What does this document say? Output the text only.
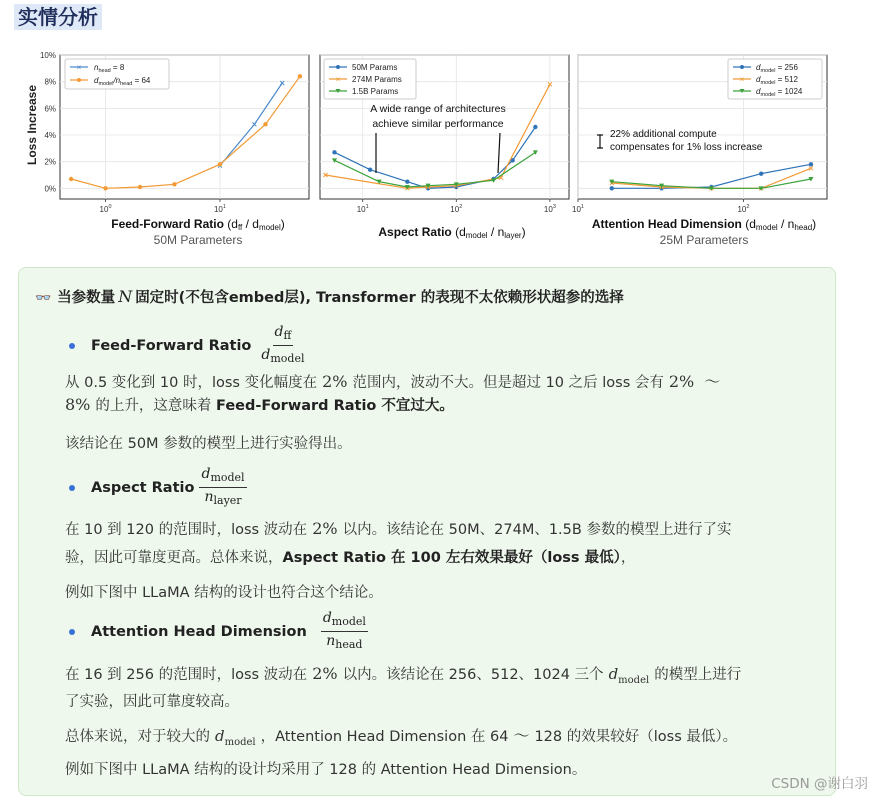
实情分析
Loss Increase
0%
2%
4%
6%
8%
10%
$10^0$	$10^1$	$10^1$	$10^2$	$10^3$ $10^1$	$10^2$
× $n_{head} = 8$
$d_{model}/n_{head} = 64$
50M Params
× 274M Params
1.5B Params
$d_{model} = 256$
× $d_{model} = 512$
$d_{model} = 1024$
A wide range of architectures
achieve similar performance
22% additional compute
compensates for 1% loss increase
Feed-Forward Ratio (dff / dmodel)
50M Parameters
Aspect Ratio (dmodel / nlayer)
Attention Head Dimension (dmodel / nhead)
25M Parameters
👓 当参数量 N 固定时(不包含embed层), Transformer 的表现不太依赖形状超参的选择
Feed-Forward Ratio $\frac{d_{ff}}{d_{model}}$
从 0.5 变化到 10 时，loss 变化幅度在 2% 范围内，波动不大。但是超过 10 之后 loss 会有 2% ～
8% 的上升，这意味着 Feed-Forward Ratio 不宜过大。
该结论在 50M 参数的模型上进行实验得出。
Aspect Ratio $\frac{d_{model}}{n_{layer}}$
在 10 到 120 的范围时，loss 波动在 2% 以内。该结论在 50M、274M、1.5B 参数的模型上进行了实
验，因此可靠度更高。总体来说，Aspect Ratio 在 100 左右效果最好（loss 最低），
例如下图中 LLaMA 结构的设计也符合这个结论。
Attention Head Dimension $\frac{d_{model}}{n_{head}}$
在 16 到 256 的范围时，loss 波动在 2% 以内。该结论在 256、512、1024 三个 $d_{model}$ 的模型上进行
了实验，因此可靠度较高。
总体来说，对于较大的 $d_{model}$ ，Attention Head Dimension 在 64 ～ 128 的效果较好（loss 最低）。
例如下图中 LLaMA 结构的设计均采用了 128 的 Attention Head Dimension。
CSDN @谢白羽
